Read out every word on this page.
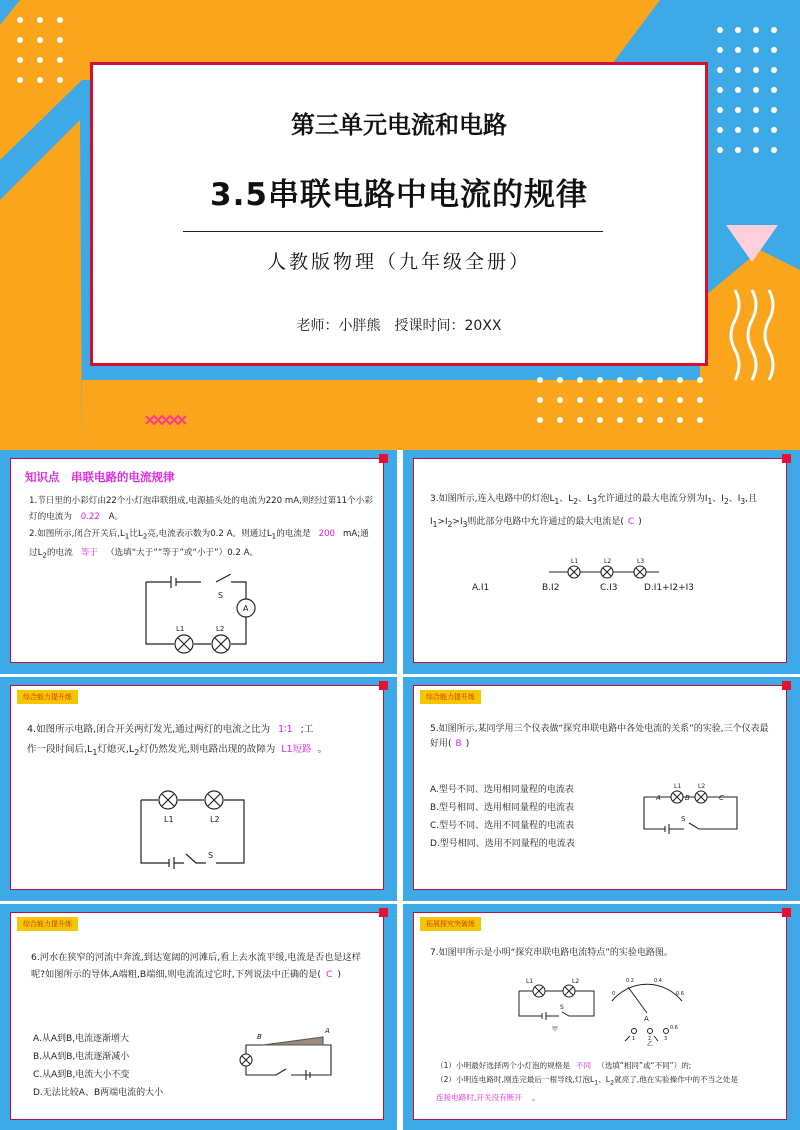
第三单元电流和电路
3.5串联电路中电流的规律
人教版物理（九年级全册）
老师：小胖熊　授课时间：20XX
知识点　串联电路的电流规律
1.节日里的小彩灯由22个小灯泡串联组成,电源插头处的电流为220 mA,则经过第11个小彩灯的电流为 0.22 A。
2.如图所示,闭合开关后$,L_1$比$L_2$亮,电流表示数为0.2 A。则通过$L_1$的电流是 200 mA;通过$L_2$的电流 等于 （选填“大于”“等于”或“小于”）0.2 A。
S
A
L1	L2
3.如图所示,连入电路中的灯泡$L_1$、$L_2$、$L_3$允许通过的最大电流分别为$I_1$、$I_2$、$I_3$,且$I_1>I_2>I_3$则此部分电路中允许通过的最大电流是( C )
L1	L2	L3
A.I1	B.I2	C.I3	D.I1+I2+I3
综合能力提升练
4.如图所示电路,闭合开关两灯发光,通过两灯的电流之比为 1∶1 ;工
作一段时间后$,L_1$灯熄灭$,L_2$灯仍然发光,则电路出现的故障为 L1短路 。
L1	L2
S
综合能力提升练
5.如图所示,某同学用三个仪表做“探究串联电路中各处电流的关系”的实验,三个仪表最好用( B )
A.型号不同、选用相同量程的电流表
B.型号相同、选用相同量程的电流表
C.型号不同、选用不同量程的电流表
D.型号相同、选用不同量程的电流表
A	B	C
L1	L2
S
综合能力提升练
6.河水在狭窄的河流中奔流,到达宽阔的河滩后,看上去水流平缓,电流是否也是这样呢?如图所示的导体,A端粗,B端细,则电流流过它时,下列说法中正确的是( C )
A.从A到B,电流逐渐增大
B.从A到B,电流逐渐减小
C.从A到B,电流大小不变
D.无法比较A、B两端电流的大小
B
A
拓展探究突破练
7.如图甲所示是小明“探究串联电路电流特点”的实验电路图。
甲
乙
L1	L2
S
A
0
0.2	0.4
0.6
1	2	3
0.6
（1）小明最好选择两个小灯泡的规格是 不同 （选填“相同”或“不同”）的;
（2）小明连电路时,刚连完最后一根导线,灯泡$L_1$、$L_2$就亮了,他在实验操作中的不当之处是
连接电路时,开关没有断开 。
